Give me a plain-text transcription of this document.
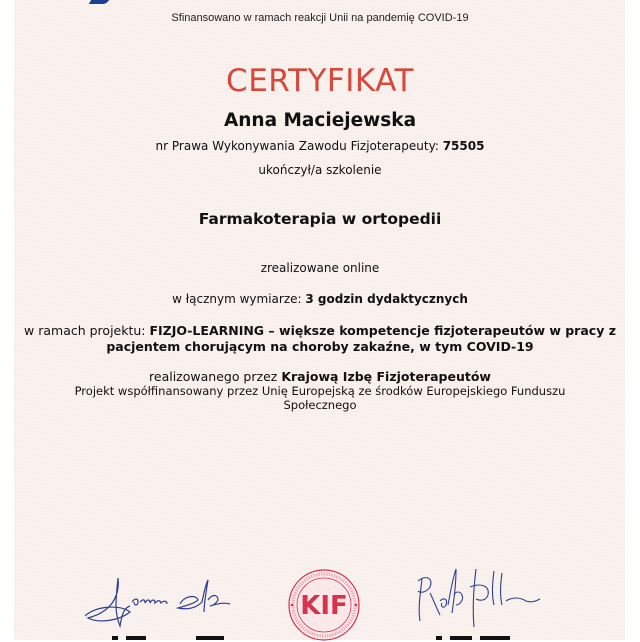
Sfinansowano w ramach reakcji Unii na pandemię COVID-19
CERTYFIKAT
Anna Maciejewska
nr Prawa Wykonywania Zawodu Fizjoterapeuty: 75505
ukończył/a szkolenie
Farmakoterapia w ortopedii
zrealizowane online
w łącznym wymiarze: 3 godzin dydaktycznych
w ramach projektu: FIZJO-LEARNING – większe kompetencje fizjoterapeutów w pracy z pacjentem chorującym na choroby zakaźne, w tym COVID-19
realizowanego przez Krajową Izbę Fizjoterapeutów
Projekt współfinansowany przez Unię Europejską ze środków Europejskiego Funduszu Społecznego
KIF
